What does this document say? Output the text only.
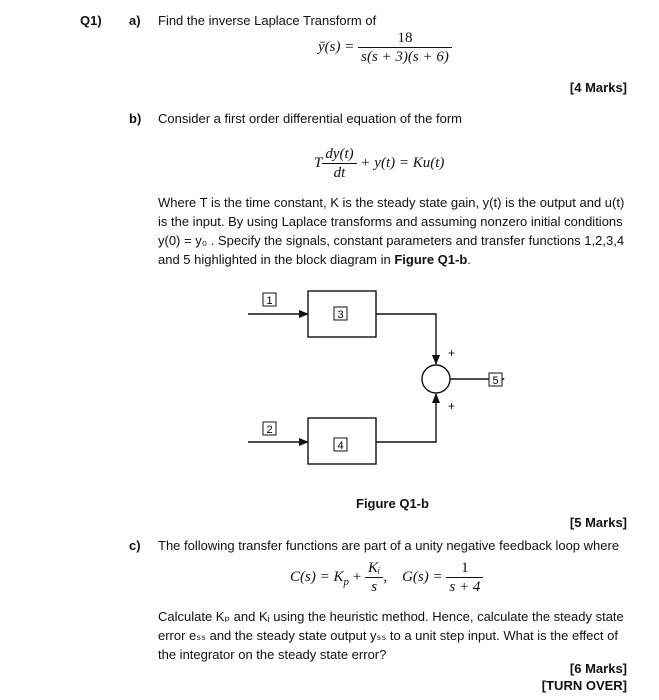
Q1) a) Find the inverse Laplace Transform of
ȳ(s) = $\frac{18}{s(s + 3)(s + 6)}$
[4 Marks]
b) Consider a first order differential equation of the form
T $\frac{dy(t)}{dt} + y(t) = Ku(t)$
Where T is the time constant, K is the steady state gain, y(t) is the output and u(t)
is the input. By using Laplace transforms and assuming nonzero initial conditions
y(0) = y₀ . Specify the signals, constant parameters and transfer functions 1,2,3,4
and 5 highlighted in the block diagram in Figure Q1-b.
1
3
2
4
5
+
+
Figure Q1-b
[5 Marks]
c) The following transfer functions are part of a unity negative feedback loop where
$C(s) = K_p + \frac{\text{Kᵢ}}{s}$ , $G(s) = \frac{1}{s + 4}$
Calculate Kₚ and Kᵢ using the heuristic method. Hence, calculate the steady state
error eₛₛ and the steady state output yₛₛ to a unit step input. What is the effect of
the integrator on the steady state error?
[6 Marks]
[TURN OVER]
